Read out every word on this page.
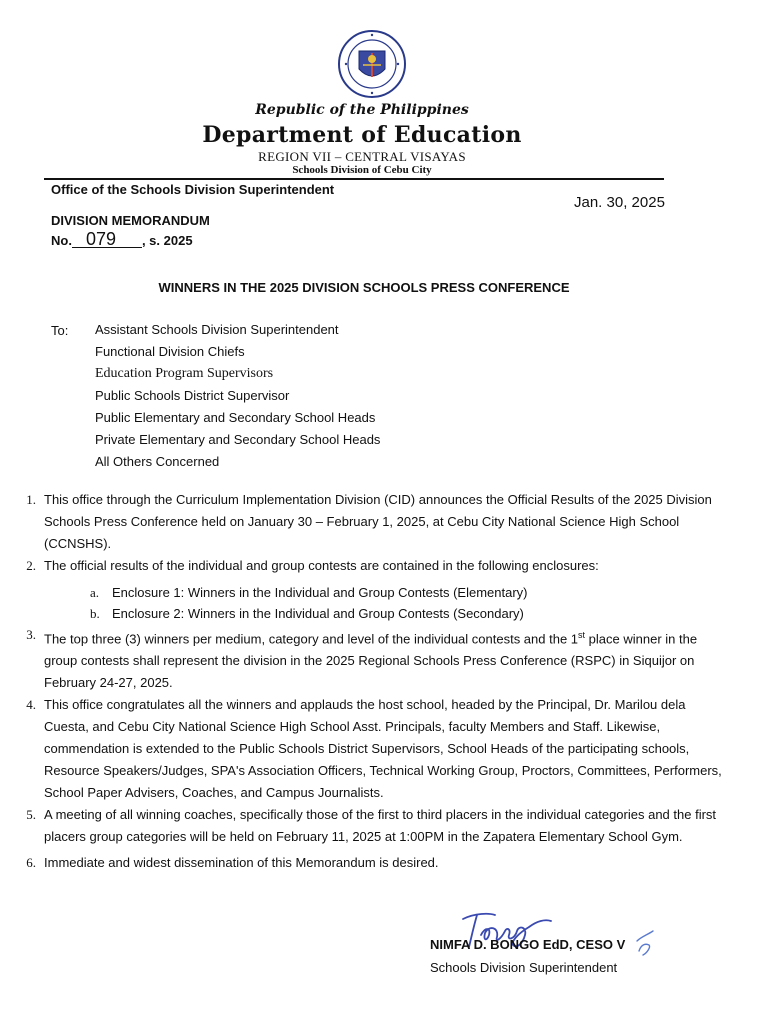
Republic of the Philippines
Department of Education
REGION VII – CENTRAL VISAYAS
Schools Division of Cebu City
Office of the Schools Division Superintendent
Jan. 30, 2025
DIVISION MEMORANDUM
No. 079 , s. 2025
WINNERS IN THE 2025 DIVISION SCHOOLS PRESS CONFERENCE
To: Assistant Schools Division Superintendent
Functional Division Chiefs
Education Program Supervisors
Public Schools District Supervisor
Public Elementary and Secondary School Heads
Private Elementary and Secondary School Heads
All Others Concerned
1. This office through the Curriculum Implementation Division (CID) announces the Official Results of the 2025 Division Schools Press Conference held on January 30 – February 1, 2025, at Cebu City National Science High School (CCNSHS).
2. The official results of the individual and group contests are contained in the following enclosures:
a. Enclosure 1: Winners in the Individual and Group Contests (Elementary)
b. Enclosure 2: Winners in the Individual and Group Contests (Secondary)
3. The top three (3) winners per medium, category and level of the individual contests and the 1st place winner in the group contests shall represent the division in the 2025 Regional Schools Press Conference (RSPC) in Siquijor on February 24-27, 2025.
4. This office congratulates all the winners and applauds the host school, headed by the Principal, Dr. Marilou dela Cuesta, and Cebu City National Science High School Asst. Principals, faculty Members and Staff. Likewise, commendation is extended to the Public Schools District Supervisors, School Heads of the participating schools, Resource Speakers/Judges, SPA's Association Officers, Technical Working Group, Proctors, Committees, Performers, School Paper Advisers, Coaches, and Campus Journalists.
5. A meeting of all winning coaches, specifically those of the first to third placers in the individual categories and the first placers group categories will be held on February 11, 2025 at 1:00PM in the Zapatera Elementary School Gym.
6. Immediate and widest dissemination of this Memorandum is desired.
NIMFA D. BONGO EdD, CESO V
Schools Division Superintendent
